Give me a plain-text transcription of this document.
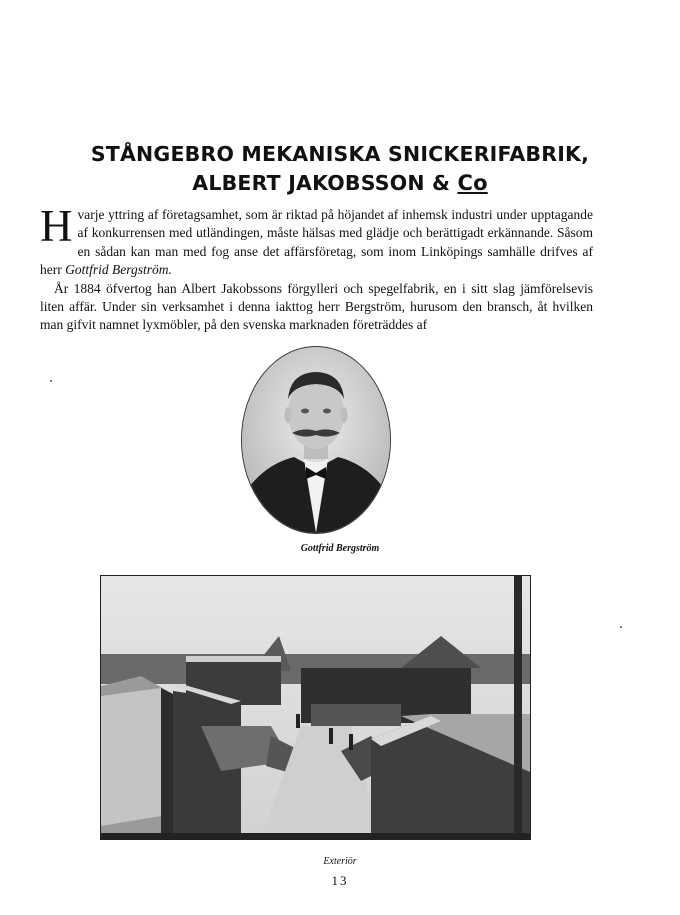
STÅNGEBRO MEKANISKA SNICKERIFABRIK,
ALBERT JAKOBSSON & Co

Hvarje yttring af företagsamhet, som är riktad på höjandet af inhemsk industri under upptagande af konkurrensen med utländingen, måste hälsas med glädje och berättigadt erkännande. Såsom en sådan kan man med fog anse det affärsföretag, som inom Linköpings samhälle drifves af herr Gottfrid Bergström.

År 1884 öfvertog han Albert Jakobssons förgylleri och spegelfabrik, en i sitt slag jämförelsevis liten affär. Under sin verksamhet i denna iakttog herr Bergström, hurusom den bransch, åt hvilken man gifvit namnet lyxmöbler, på den svenska marknaden företräddes af

Gottfrid Bergström
Exteriör
13
